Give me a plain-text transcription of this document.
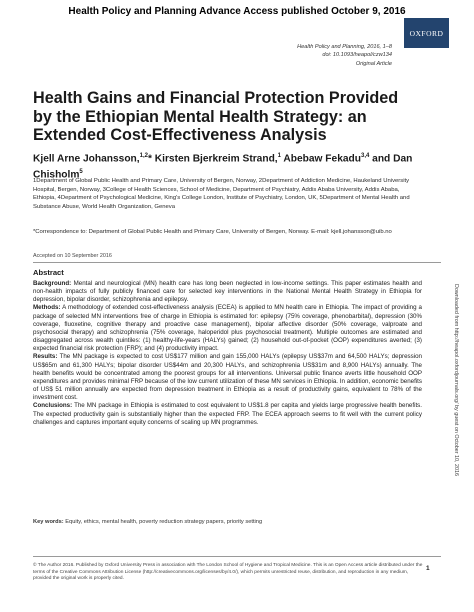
Health Policy and Planning Advance Access published October 9, 2016
OXFORD
Health Policy and Planning, 2016, 1–8
doi: 10.1093/heapol/czw134
Original Article
Health Gains and Financial Protection Provided by the Ethiopian Mental Health Strategy: an Extended Cost-Effectiveness Analysis
Kjell Arne Johansson,$^{1,2}$* Kirsten Bjerkreim Strand,$^1$ Abebaw Fekadu$^{3,4}$ and Dan Chisholm$^5$
1Department of Global Public Health and Primary Care, University of Bergen, Norway, 2Department of Addiction Medicine, Haukeland University Hospital, Bergen, Norway, 3College of Health Sciences, School of Medicine, Department of Psychiatry, Addis Ababa University, Addis Ababa, Ethiopia, 4Department of Psychological Medicine, King's College London, Institute of Psychiatry, London, UK, 5Department of Mental Health and Substance Abuse, World Health Organization, Geneva
*Correspondence to: Department of Global Public Health and Primary Care, University of Bergen, Norway. E-mail: kjell.johansson@uib.no
Accepted on 10 September 2016
Abstract

Background: Mental and neurological (MN) health care has long been neglected in low-income settings. This paper estimates health and non-health impacts of fully publicly financed care for selected key interventions in the National Mental Health Strategy in Ethiopia for depression, bipolar disorder, schizophrenia and epilepsy.

Methods: A methodology of extended cost-effectiveness analysis (ECEA) is applied to MN health care in Ethiopia. The impact of providing a package of selected MN interventions free of charge in Ethiopia is estimated for: epilepsy (75% coverage, phenobarbital), depression (30% coverage, fluoxetine, cognitive therapy and proactive case management), bipolar affective disorder (50% coverage, valproate and psychosocial therapy) and schizophrenia (75% coverage, haloperidol plus psychosocial treatment). Multiple outcomes are estimated and disaggregated across wealth quintiles: (1) healthy-life-years (HALYs) gained; (2) household out-of-pocket (OOP) expenditures averted; (3) expected financial risk protection (FRP); and (4) productivity impact.

Results: The MN package is expected to cost US$177 million and gain 155,000 HALYs (epilepsy US$37m and 64,500 HALYs; depression US$65m and 61,300 HALYs; bipolar disorder US$44m and 20,300 HALYs, and schizophrenia US$31m and 8,900 HALYs) annually. The health benefits would be concentrated among the poorest groups for all interventions. Universal public finance averts little household OOP expenditures and provides minimal FRP because of the low current utilization of these MN services in Ethiopia. In addition, economic benefits of US$ 51 million annually are expected from depression treatment in Ethiopia as a result of productivity gains, equivalent to 78% of the investment cost.

Conclusions: The MN package in Ethiopia is estimated to cost equivalent to US$1.8 per capita and yields large progressive health benefits. The expected productivity gain is substantially higher than the expected FRP. The ECEA approach seems to fit well with the current policy challenges and captures important equity concerns of scaling up MN programmes.

Key words: Equity, ethics, mental health, poverty reduction strategy papers, priority setting
© The Author 2016. Published by Oxford University Press in association with The London School of Hygiene and Tropical Medicine. This is an Open Access article distributed under the terms of the Creative Commons Attribution License (http://creativecommons.org/licenses/by/4.0/), which permits unrestricted reuse, distribution, and reproduction in any medium, provided the original work is properly cited.
1
Downloaded from http://heapol.oxfordjournals.org/ by guest on October 10, 2016
